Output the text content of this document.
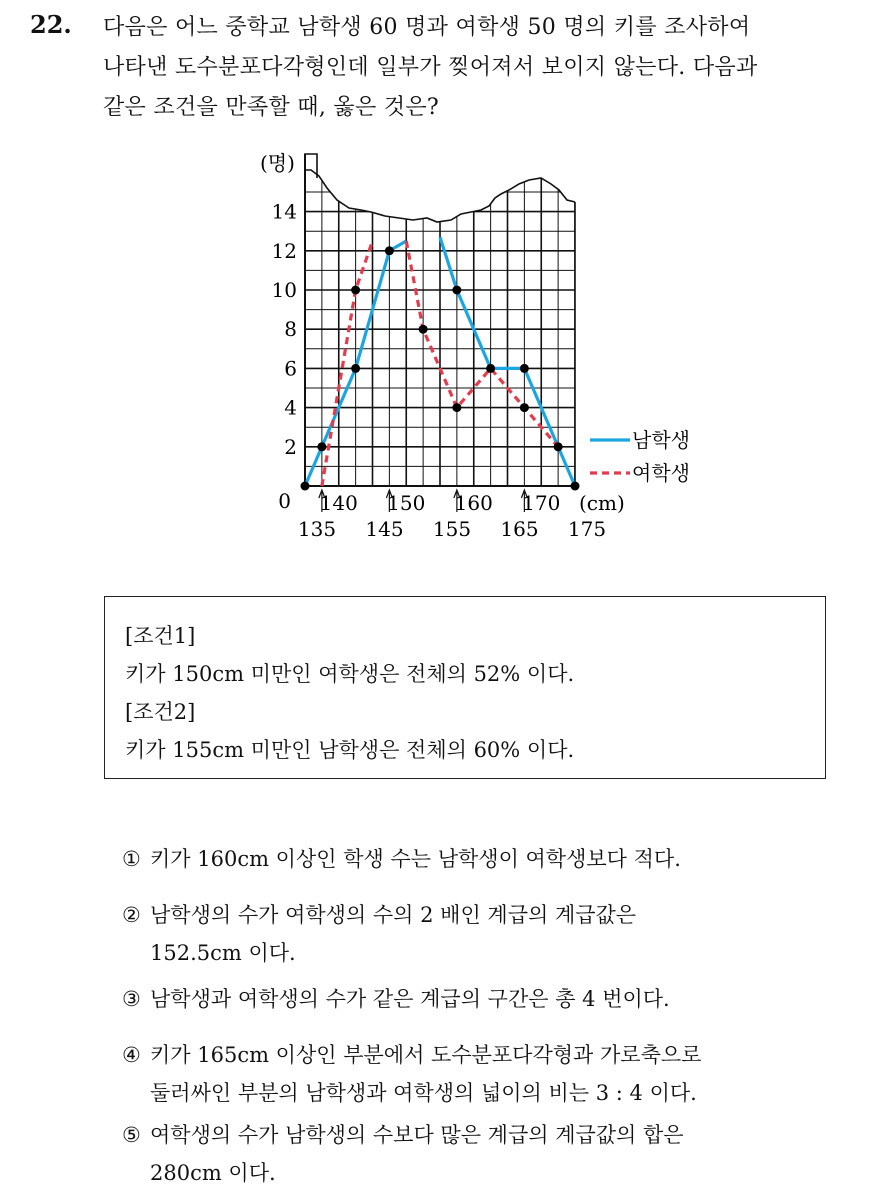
22. 다음은 어느 중학교 남학생 60 명과 여학생 50 명의 키를 조사하여
나타낸 도수분포다각형인데 일부가 찢어져서 보이지 않는다. 다음과
같은 조건을 만족할 때, 옳은 것은?
2
4
6
8
10
12
14
(명)
0 140 150 160 170
135 145 155 165 175
(cm)
남학생
여학생
[조건1]
키가 150cm 미만인 여학생은 전체의 52% 이다.
[조건2]
키가 155cm 미만인 남학생은 전체의 60% 이다.
① 키가 160cm 이상인 학생 수는 남학생이 여학생보다 적다.
② 남학생의 수가 여학생의 수의 2 배인 계급의 계급값은
152.5cm 이다.
③ 남학생과 여학생의 수가 같은 계급의 구간은 총 4 번이다.
④ 키가 165cm 이상인 부분에서 도수분포다각형과 가로축으로
둘러싸인 부분의 남학생과 여학생의 넓이의 비는 3 : 4 이다.
⑤ 여학생의 수가 남학생의 수보다 많은 계급의 계급값의 합은
280cm 이다.
